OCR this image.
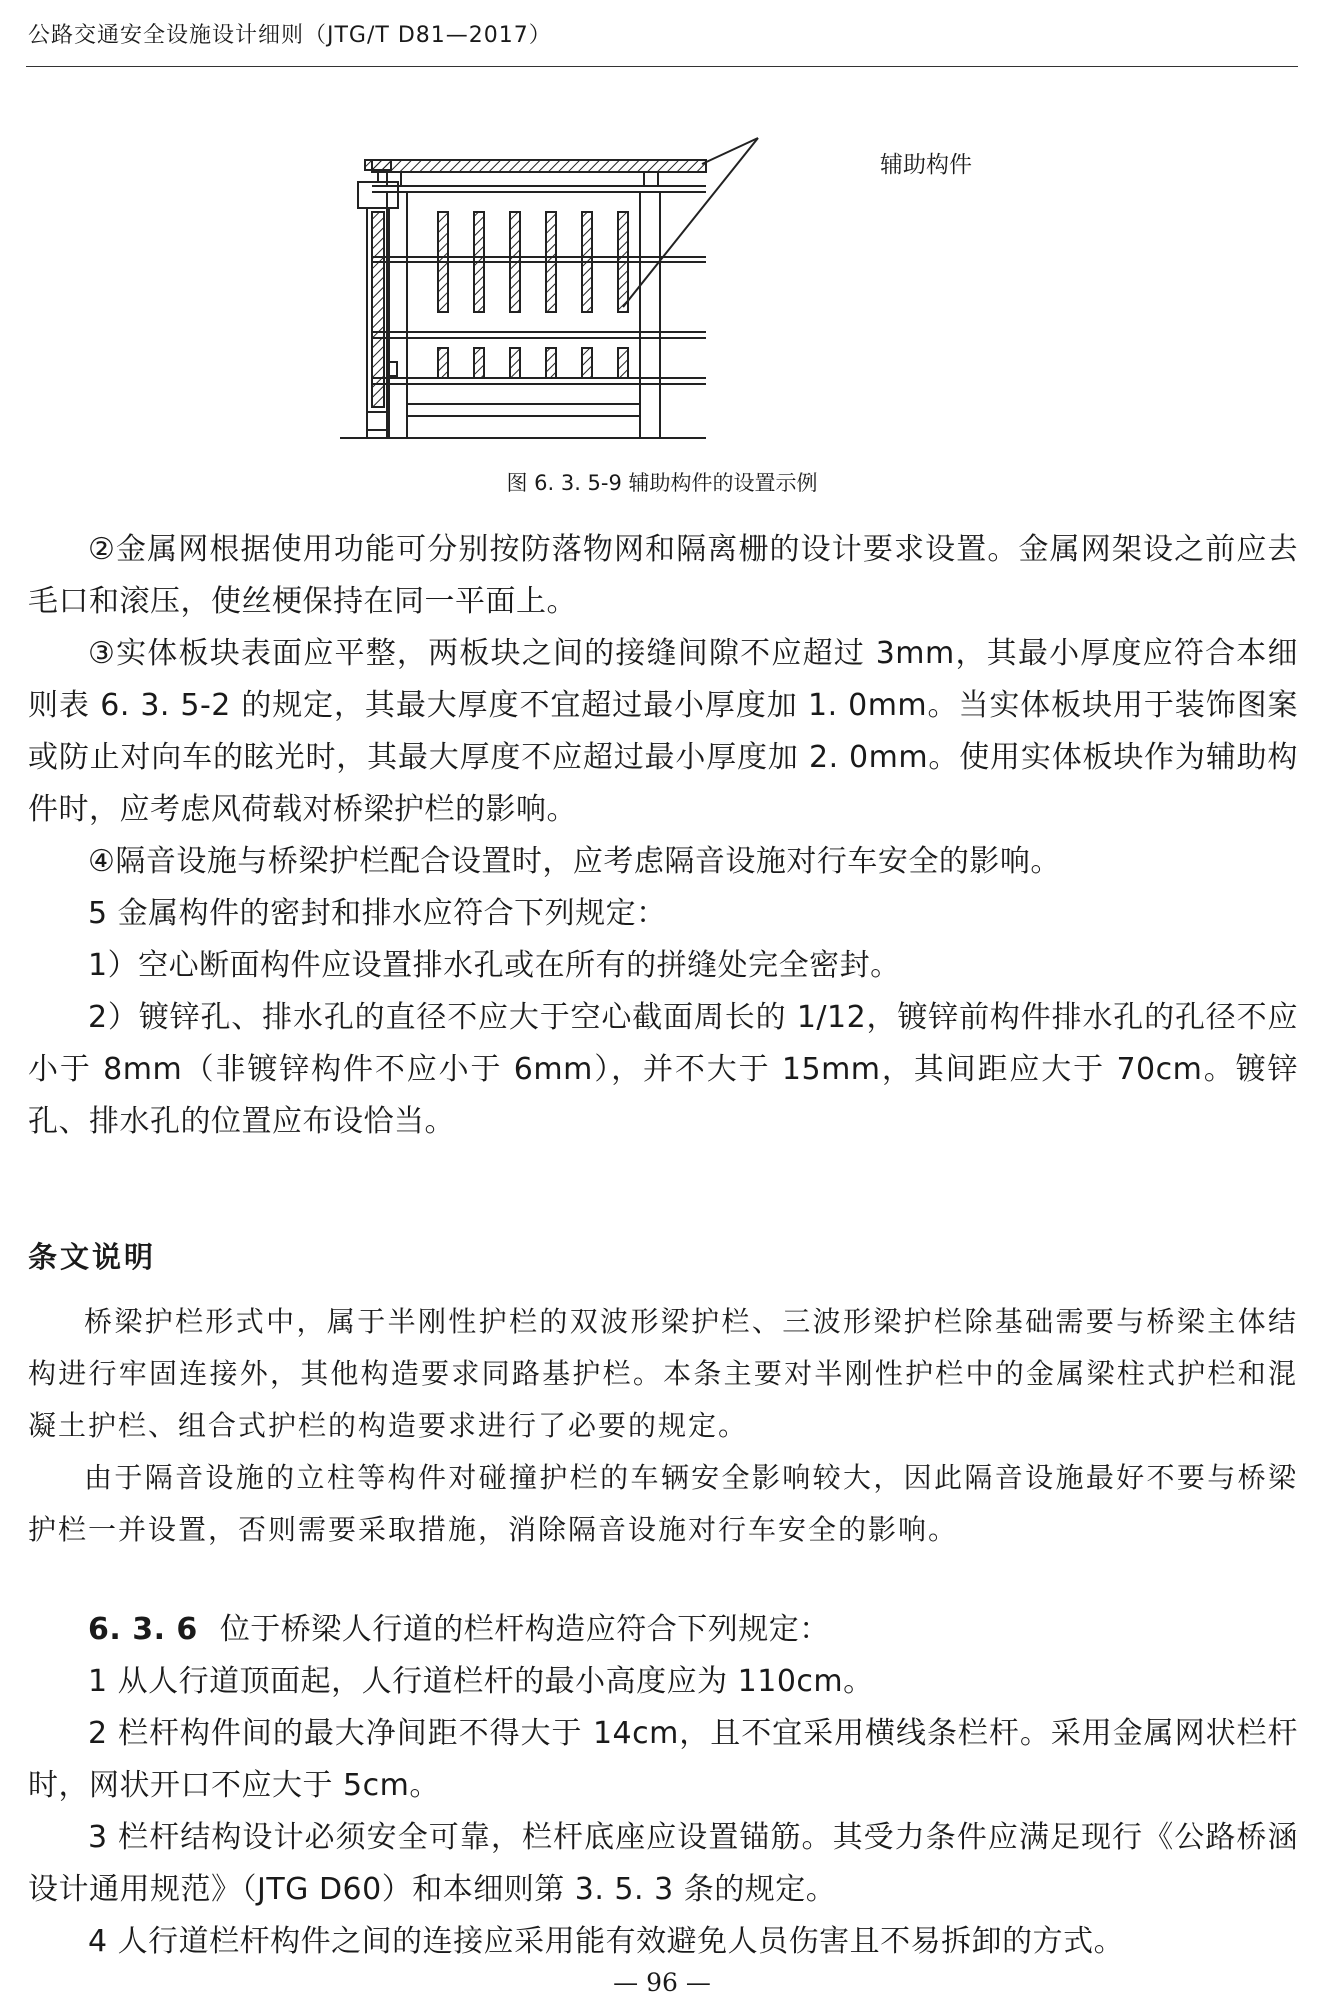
公路交通安全设施设计细则（JTG/T D81—2017）
辅助构件
图 6. 3. 5-9 辅助构件的设置示例

②金属网根据使用功能可分别按防落物网和隔离栅的设计要求设置。金属网架设之前应去毛口和滚压，使丝梗保持在同一平面上。

③实体板块表面应平整，两板块之间的接缝间隙不应超过 3mm，其最小厚度应符合本细则表 6. 3. 5-2 的规定，其最大厚度不宜超过最小厚度加 1. 0mm。当实体板块用于装饰图案或防止对向车的眩光时，其最大厚度不应超过最小厚度加 2. 0mm。使用实体板块作为辅助构件时，应考虑风荷载对桥梁护栏的影响。

④隔音设施与桥梁护栏配合设置时，应考虑隔音设施对行车安全的影响。

5 金属构件的密封和排水应符合下列规定：

1）空心断面构件应设置排水孔或在所有的拼缝处完全密封。

2）镀锌孔、排水孔的直径不应大于空心截面周长的 1/12，镀锌前构件排水孔的孔径不应小于 8mm（非镀锌构件不应小于 6mm），并不大于 15mm，其间距应大于 70cm。镀锌孔、排水孔的位置应布设恰当。

条文说明

桥梁护栏形式中，属于半刚性护栏的双波形梁护栏、三波形梁护栏除基础需要与桥梁主体结构进行牢固连接外，其他构造要求同路基护栏。本条主要对半刚性护栏中的金属梁柱式护栏和混凝土护栏、组合式护栏的构造要求进行了必要的规定。

由于隔音设施的立柱等构件对碰撞护栏的车辆安全影响较大，因此隔音设施最好不要与桥梁护栏一并设置，否则需要采取措施，消除隔音设施对行车安全的影响。

6. 3. 6 位于桥梁人行道的栏杆构造应符合下列规定：

1 从人行道顶面起，人行道栏杆的最小高度应为 110cm。

2 栏杆构件间的最大净间距不得大于 14cm，且不宜采用横线条栏杆。采用金属网状栏杆时，网状开口不应大于 5cm。

3 栏杆结构设计必须安全可靠，栏杆底座应设置锚筋。其受力条件应满足现行《公路桥涵设计通用规范》（JTG D60）和本细则第 3. 5. 3 条的规定。

4 人行道栏杆构件之间的连接应采用能有效避免人员伤害且不易拆卸的方式。

— 96 —
